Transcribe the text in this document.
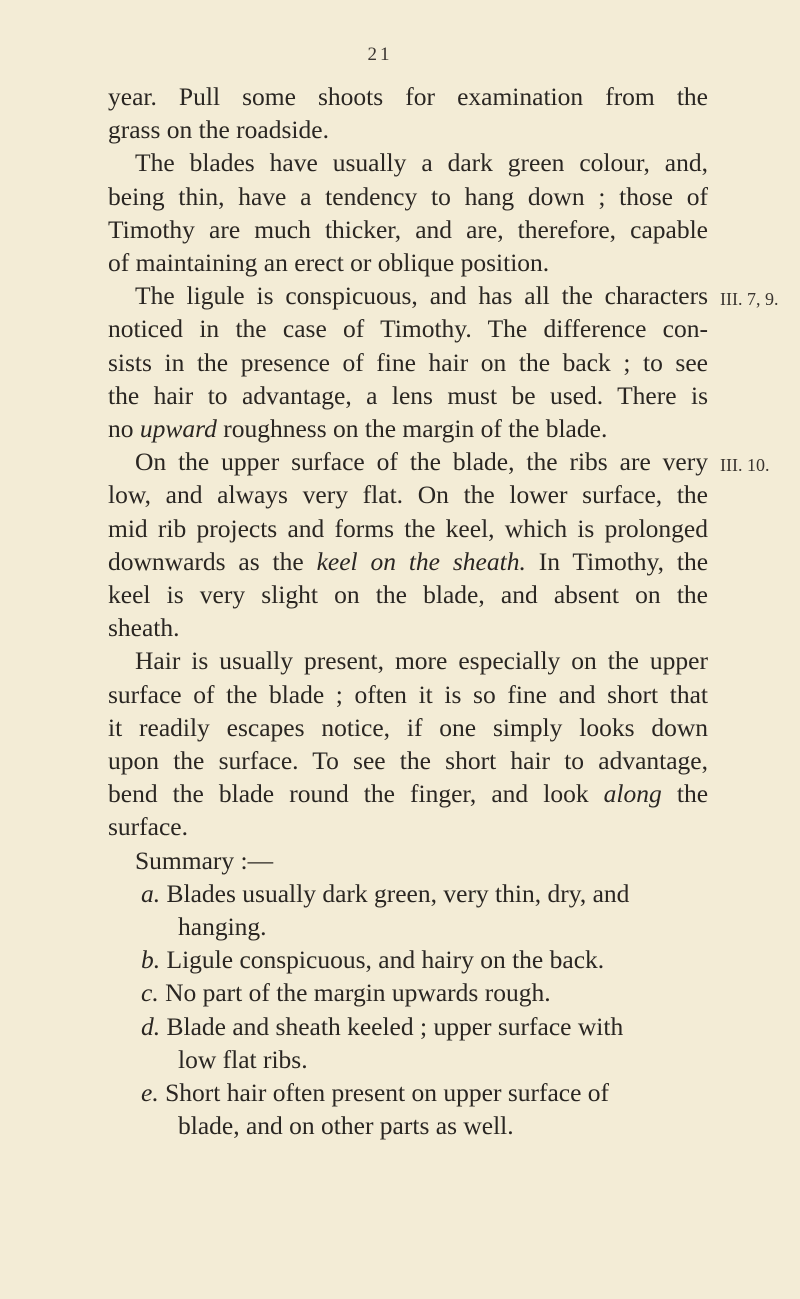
21
year. Pull some shoots for examination from the
grass on the roadside.
The blades have usually a dark green colour, and,
being thin, have a tendency to hang down ; those of
Timothy are much thicker, and are, therefore, capable
of maintaining an erect or oblique position.
The ligule is conspicuous, and has all the characters III. 7, 9.
noticed in the case of Timothy. The difference con-
sists in the presence of fine hair on the back ; to see
the hair to advantage, a lens must be used. There is
no upward roughness on the margin of the blade.
On the upper surface of the blade, the ribs are very III. 10.
low, and always very flat. On the lower surface, the
mid rib projects and forms the keel, which is prolonged
downwards as the keel on the sheath. In Timothy, the
keel is very slight on the blade, and absent on the
sheath.
Hair is usually present, more especially on the upper
surface of the blade ; often it is so fine and short that
it readily escapes notice, if one simply looks down
upon the surface. To see the short hair to advantage,
bend the blade round the finger, and look along the
surface.
Summary :—
a. Blades usually dark green, very thin, dry, and
hanging.
b. Ligule conspicuous, and hairy on the back.
c. No part of the margin upwards rough.
d. Blade and sheath keeled ; upper surface with
low flat ribs.
e. Short hair often present on upper surface of
blade, and on other parts as well.
